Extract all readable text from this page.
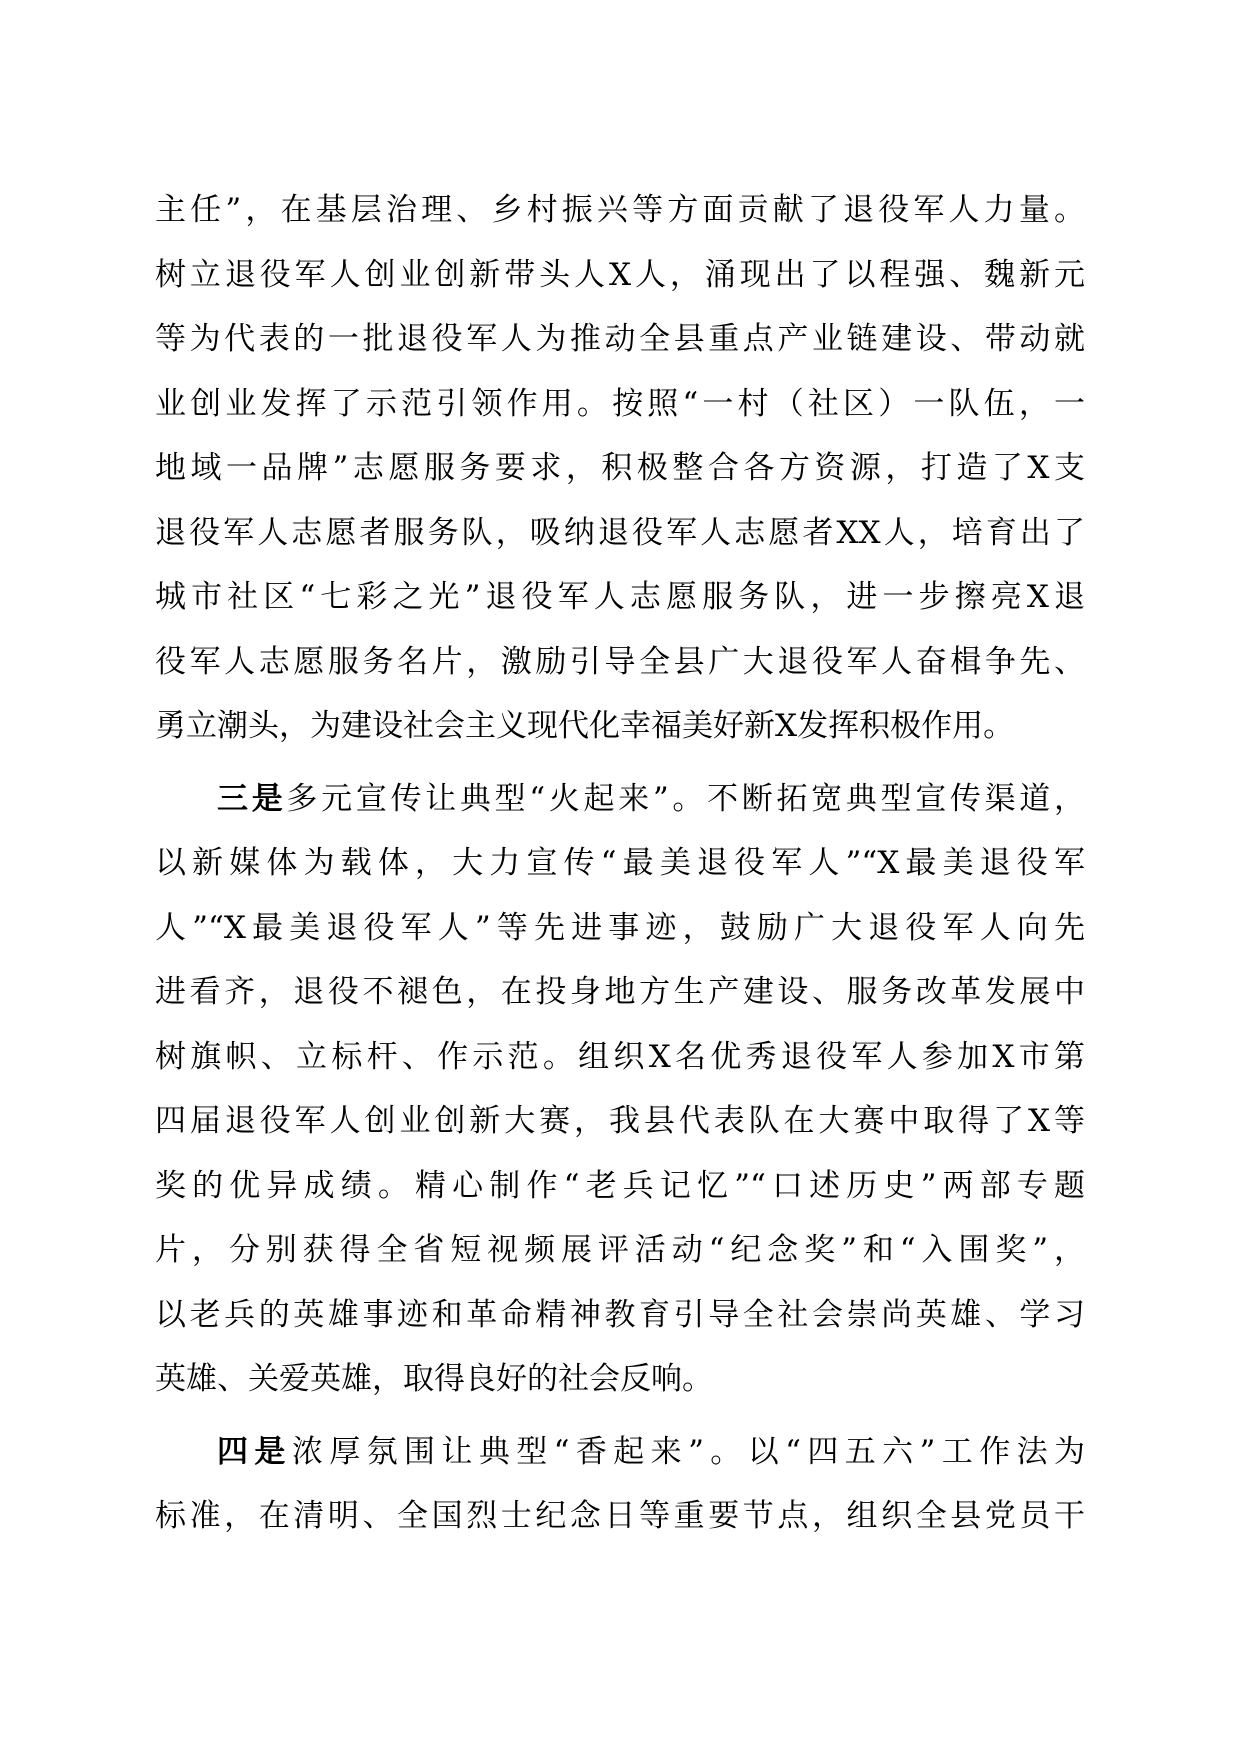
主任”，在基层治理、乡村振兴等方面贡献了退役军人力量。
树立退役军人创业创新带头人X人，涌现出了以程强、魏新元
等为代表的一批退役军人为推动全县重点产业链建设、带动就
业创业发挥了示范引领作用。按照“一村（社区）一队伍，一
地域一品牌”志愿服务要求，积极整合各方资源，打造了X支
退役军人志愿者服务队，吸纳退役军人志愿者XX人，培育出了
城市社区“七彩之光”退役军人志愿服务队，进一步擦亮X退
役军人志愿服务名片，激励引导全县广大退役军人奋楫争先、
勇立潮头，为建设社会主义现代化幸福美好新X发挥积极作用。
三是多元宣传让典型“火起来”。不断拓宽典型宣传渠道，
以新媒体为载体，大力宣传“最美退役军人”“X最美退役军
人”“X最美退役军人”等先进事迹，鼓励广大退役军人向先
进看齐，退役不褪色，在投身地方生产建设、服务改革发展中
树旗帜、立标杆、作示范。组织X名优秀退役军人参加X市第
四届退役军人创业创新大赛，我县代表队在大赛中取得了X等
奖的优异成绩。精心制作“老兵记忆”“口述历史”两部专题
片，分别获得全省短视频展评活动“纪念奖”和“入围奖”，
以老兵的英雄事迹和革命精神教育引导全社会崇尚英雄、学习
英雄、关爱英雄，取得良好的社会反响。
四是浓厚氛围让典型“香起来”。以“四五六”工作法为
标准，在清明、全国烈士纪念日等重要节点，组织全县党员干
